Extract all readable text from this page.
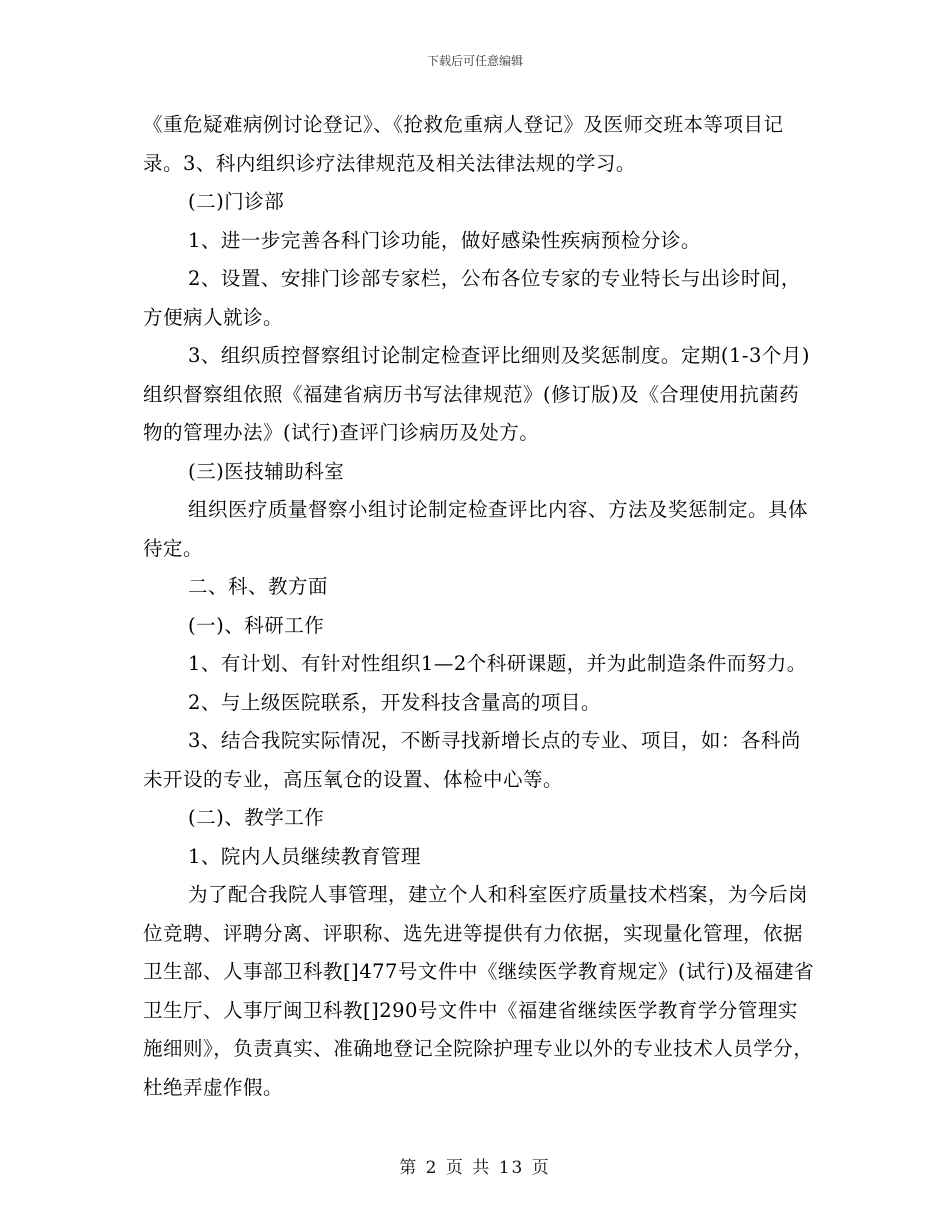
下载后可任意编辑

《重危疑难病例讨论登记》、《抢救危重病人登记》及医师交班本等项目记录。3、科内组织诊疗法律规范及相关法律法规的学习。

(二)门诊部

1、进一步完善各科门诊功能，做好感染性疾病预检分诊。

2、设置、安排门诊部专家栏，公布各位专家的专业特长与出诊时间，方便病人就诊。

3、组织质控督察组讨论制定检查评比细则及奖惩制度。定期(1-3个月)组织督察组依照《福建省病历书写法律规范》(修订版)及《合理使用抗菌药物的管理办法》(试行)查评门诊病历及处方。

(三)医技辅助科室

组织医疗质量督察小组讨论制定检查评比内容、方法及奖惩制定。具体待定。

二、科、教方面

(一)、科研工作

1、有计划、有针对性组织1—2个科研课题，并为此制造条件而努力。

2、与上级医院联系，开发科技含量高的项目。

3、结合我院实际情况，不断寻找新增长点的专业、项目，如：各科尚未开设的专业，高压氧仓的设置、体检中心等。

(二)、教学工作

1、院内人员继续教育管理

为了配合我院人事管理，建立个人和科室医疗质量技术档案，为今后岗位竞聘、评聘分离、评职称、选先进等提供有力依据，实现量化管理，依据卫生部、人事部卫科教[]477号文件中《继续医学教育规定》(试行)及福建省卫生厅、人事厅闽卫科教[]290号文件中《福建省继续医学教育学分管理实施细则》，负责真实、准确地登记全院除护理专业以外的专业技术人员学分，杜绝弄虚作假。

第 2 页 共 13 页
